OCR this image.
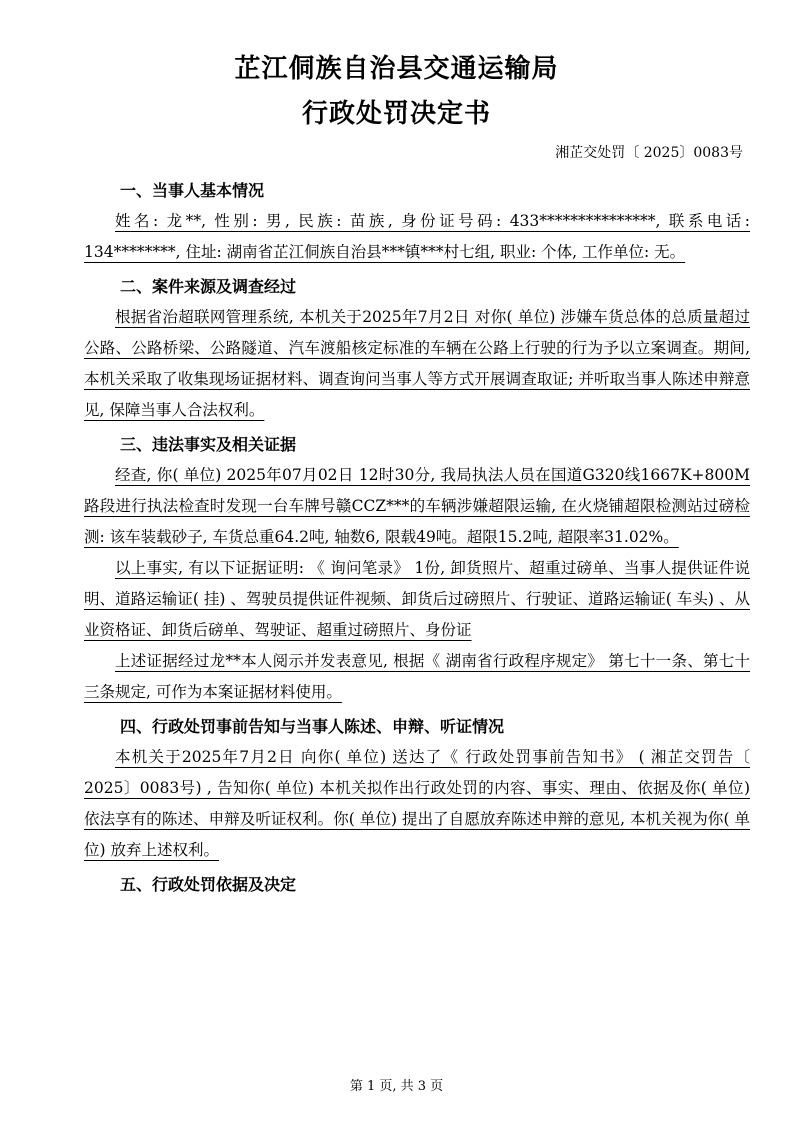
芷江侗族自治县交通运输局
行政处罚决定书
湘芷交处罚〔 2025〕0083号
一、当事人基本情况

姓名: 龙**, 性别: 男, 民族: 苗族, 身份证号码: 433***************, 联系电话: 134********, 住址: 湖南省芷江侗族自治县***镇***村七组, 职业: 个体, 工作单位: 无。

二、案件来源及调查经过

根据省治超联网管理系统, 本机关于2025年7月2日 对你( 单位) 涉嫌车货总体的总质量超过公路、公路桥梁、公路隧道、汽车渡船核定标准的车辆在公路上行驶的行为予以立案调查。期间, 本机关采取了收集现场证据材料、调查询问当事人等方式开展调查取证; 并听取当事人陈述申辩意见, 保障当事人合法权利。

三、违法事实及相关证据

经查, 你( 单位) 2025年07月02日 12时30分, 我局执法人员在国道G320线1667K+800M路段进行执法检查时发现一台车牌号赣CCZ***的车辆涉嫌超限运输, 在火烧铺超限检测站过磅检测: 该车装载砂子, 车货总重64.2吨, 轴数6, 限载49吨。超限15.2吨, 超限率31.02%。

以上事实, 有以下证据证明: 《 询问笔录》 1份, 卸货照片、超重过磅单、当事人提供证件说明、道路运输证( 挂) 、驾驶员提供证件视频、卸货后过磅照片、行驶证、道路运输证( 车头) 、从业资格证、卸货后磅单、驾驶证、超重过磅照片、身份证

上述证据经过龙**本人阅示并发表意见, 根据《 湖南省行政程序规定》 第七十一条、第七十三条规定, 可作为本案证据材料使用。

四、行政处罚事前告知与当事人陈述、申辩、听证情况

本机关于2025年7月2日 向你( 单位) 送达了《 行政处罚事前告知书》 ( 湘芷交罚告〔 2025〕0083号) , 告知你( 单位) 本机关拟作出行政处罚的内容、事实、理由、依据及你( 单位) 依法享有的陈述、申辩及听证权利。你( 单位) 提出了自愿放弃陈述申辩的意见, 本机关视为你( 单位) 放弃上述权利。

五、行政处罚依据及决定
第 1 页, 共 3 页
